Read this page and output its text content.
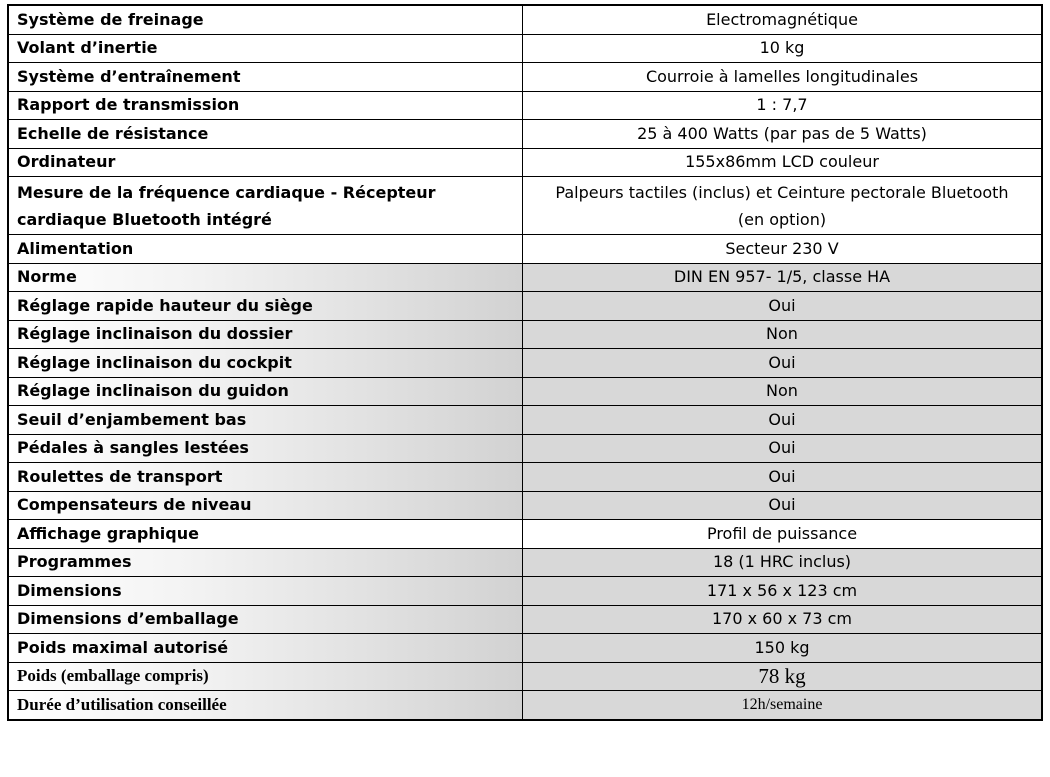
Système de freinage	Electromagnétique
Volant d’inertie	10 kg
Système d’entraînement	Courroie à lamelles longitudinales
Rapport de transmission	1 : 7,7
Echelle de résistance	25 à 400 Watts (par pas de 5 Watts)
Ordinateur	155x86mm LCD couleur
Mesure de la fréquence cardiaque - Récepteur
cardiaque Bluetooth intégré	Palpeurs tactiles (inclus) et Ceinture pectorale Bluetooth
(en option)
Alimentation	Secteur 230 V
Norme	DIN EN 957- 1/5, classe HA
Réglage rapide hauteur du siège	Oui
Réglage inclinaison du dossier	Non
Réglage inclinaison du cockpit	Oui
Réglage inclinaison du guidon	Non
Seuil d’enjambement bas	Oui
Pédales à sangles lestées	Oui
Roulettes de transport	Oui
Compensateurs de niveau	Oui
Affichage graphique	Profil de puissance
Programmes	18 (1 HRC inclus)
Dimensions	171 x 56 x 123 cm
Dimensions d’emballage	170 x 60 x 73 cm
Poids maximal autorisé	150 kg
Poids (emballage compris)	78 kg
Durée d’utilisation conseillée	12h/semaine
